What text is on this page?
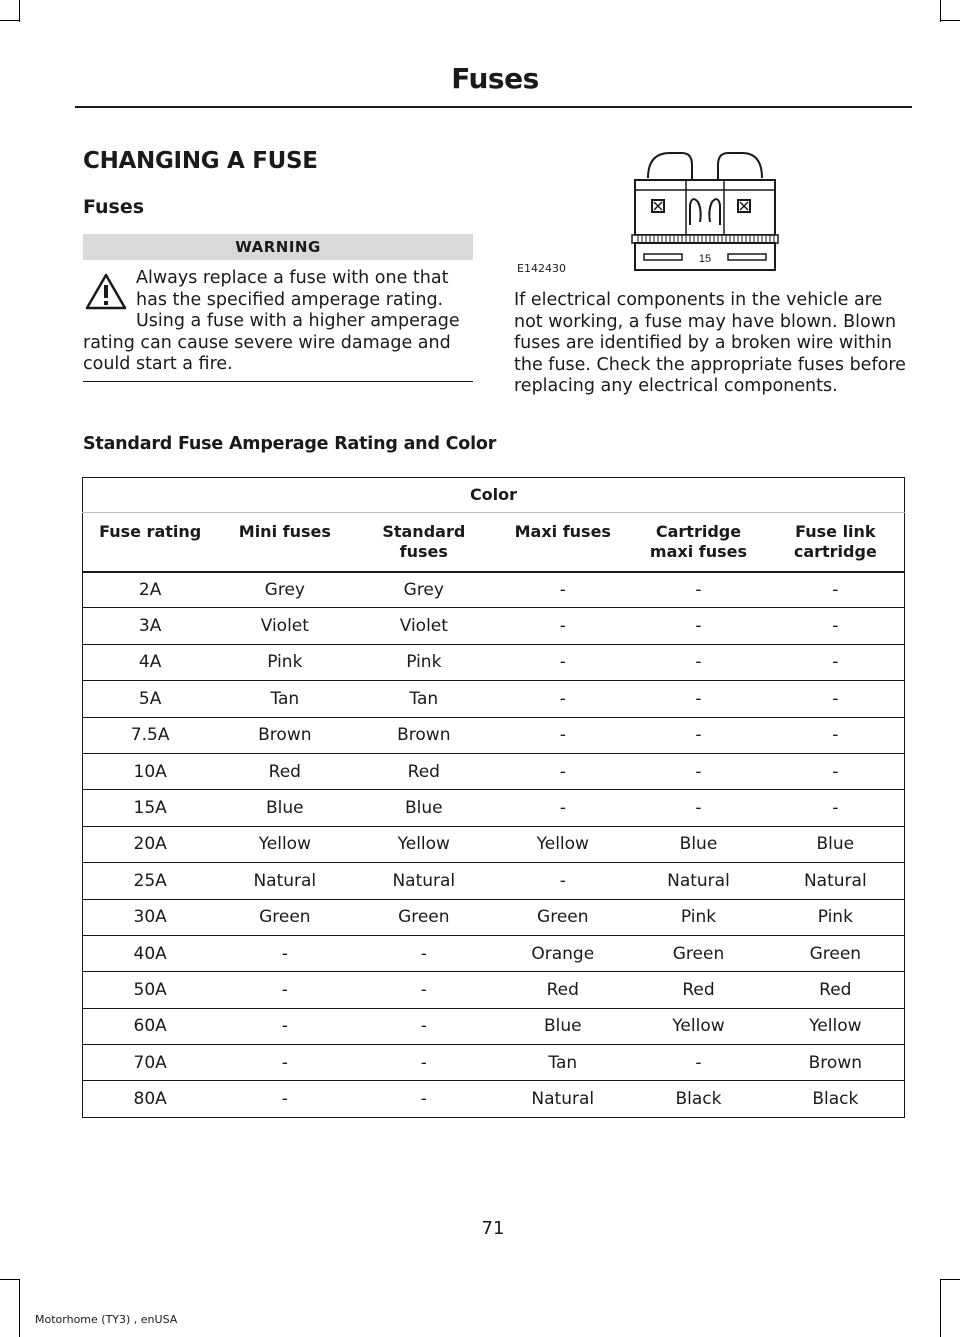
Fuses
CHANGING A FUSE
Fuses
WARNING
Always replace a fuse with one that
has the specified amperage rating.
Using a fuse with a higher amperage
rating can cause severe wire damage and
could start a fire.
15
E142430
If electrical components in the vehicle are not working, a fuse may have blown. Blown fuses are identified by a broken wire within the fuse. Check the appropriate fuses before replacing any electrical components.
Standard Fuse Amperage Rating and Color
Color					
Fuse rating	Mini fuses	Standard fuses	Maxi fuses	Cartridge maxi fuses	Fuse link cartridge
2A	Grey	Grey	-	-	-
3A	Violet	Violet	-	-	-
4A	Pink	Pink	-	-	-
5A	Tan	Tan	-	-	-
7.5A	Brown	Brown	-	-	-
10A	Red	Red	-	-	-
15A	Blue	Blue	-	-	-
20A	Yellow	Yellow	Yellow	Blue	Blue
25A	Natural	Natural	-	Natural	Natural
30A	Green	Green	Green	Pink	Pink
40A	-	-	Orange	Green	Green
50A	-	-	Red	Red	Red
60A	-	-	Blue	Yellow	Yellow
70A	-	-	Tan	-	Brown
80A	-	-	Natural	Black	Black
71
Motorhome (TY3) , enUSA
